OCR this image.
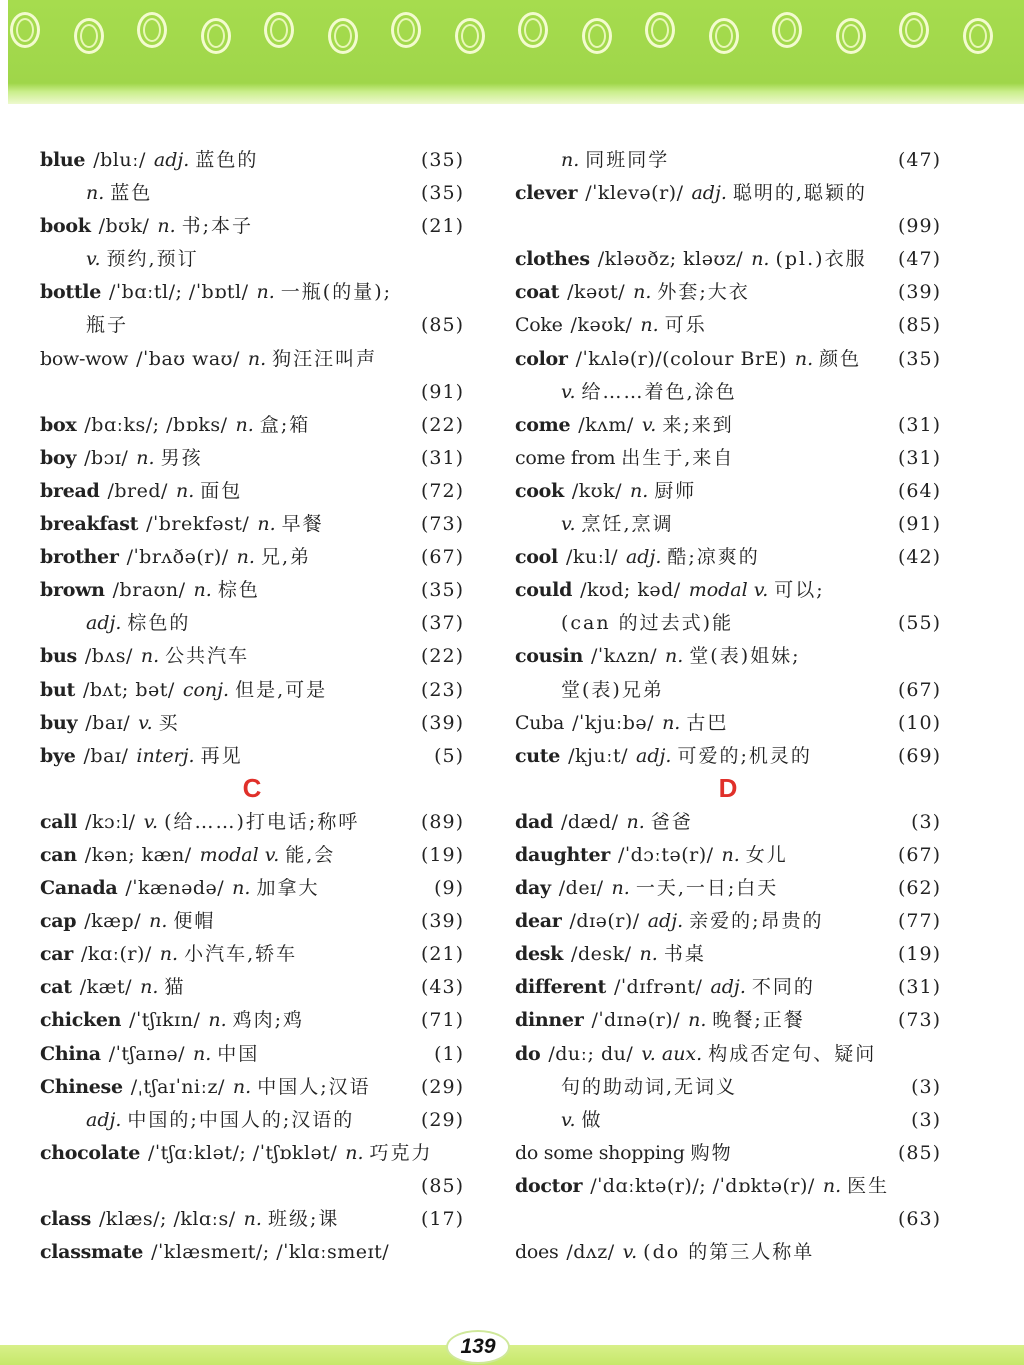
blue /bluː/ adj. 蓝色的	(35)
n. 蓝色	(35)
book /bʊk/ n. 书;本子	(21)
v. 预约,预订
bottle /ˈbɑːtl/; /ˈbɒtl/ n. 一瓶(的量);
瓶子	(85)
bow-wow /ˈbaʊ waʊ/ n. 狗汪汪叫声
(91)
box /bɑːks/; /bɒks/ n. 盒;箱	(22)
boy /bɔɪ/ n. 男孩	(31)
bread /bred/ n. 面包	(72)
breakfast /ˈbrekfəst/ n. 早餐	(73)
brother /ˈbrʌðə(r)/ n. 兄,弟	(67)
brown /braʊn/ n. 棕色	(35)
adj. 棕色的	(37)
bus /bʌs/ n. 公共汽车	(22)
but /bʌt; bət/ conj. 但是,可是	(23)
buy /baɪ/ v. 买	(39)
bye /baɪ/ interj. 再见	(5)
C
call /kɔːl/ v. (给……)打电话;称呼	(89)
can /kən; kæn/ modal v. 能,会	(19)
Canada /ˈkænədə/ n. 加拿大	(9)
cap /kæp/ n. 便帽	(39)
car /kɑː(r)/ n. 小汽车,轿车	(21)
cat /kæt/ n. 猫	(43)
chicken /ˈtʃɪkɪn/ n. 鸡肉;鸡	(71)
China /ˈtʃaɪnə/ n. 中国	(1)
Chinese /ˌtʃaɪˈniːz/ n. 中国人;汉语	(29)
adj. 中国的;中国人的;汉语的	(29)
chocolate /ˈtʃɑːklət/; /ˈtʃɒklət/ n. 巧克力
(85)
class /klæs/; /klɑːs/ n. 班级;课	(17)
classmate /ˈklæsmeɪt/; /ˈklɑːsmeɪt/
n. 同班同学	(47)
clever /ˈklevə(r)/ adj. 聪明的,聪颖的
(99)
clothes /kləʊðz; kləʊz/ n. (pl.)衣服 (47)
coat /kəʊt/ n. 外套;大衣	(39)
Coke /kəʊk/ n. 可乐	(85)
color /ˈkʌlə(r)/(colour BrE) n. 颜色 (35)
v. 给……着色,涂色
come /kʌm/ v. 来;来到	(31)
come from 出生于,来自	(31)
cook /kʊk/ n. 厨师	(64)
v. 烹饪,烹调	(91)
cool /kuːl/ adj. 酷;凉爽的	(42)
could /kʊd; kəd/ modal v. 可以;
(can 的过去式)能	(55)
cousin /ˈkʌzn/ n. 堂(表)姐妹;
堂(表)兄弟	(67)
Cuba /ˈkjuːbə/ n. 古巴	(10)
cute /kjuːt/ adj. 可爱的;机灵的	(69)
D
dad /dæd/ n. 爸爸	(3)
daughter /ˈdɔːtə(r)/ n. 女儿	(67)
day /deɪ/ n. 一天,一日;白天	(62)
dear /dɪə(r)/ adj. 亲爱的;昂贵的	(77)
desk /desk/ n. 书桌	(19)
different /ˈdɪfrənt/ adj. 不同的	(31)
dinner /ˈdɪnə(r)/ n. 晚餐;正餐	(73)
do /duː; du/ v. aux. 构成否定句、疑问
句的助动词,无词义	(3)
v. 做	(3)
do some shopping 购物	(85)
doctor /ˈdɑːktə(r)/; /ˈdɒktə(r)/ n. 医生
(63)
does /dʌz/ v. (do 的第三人称单
139
